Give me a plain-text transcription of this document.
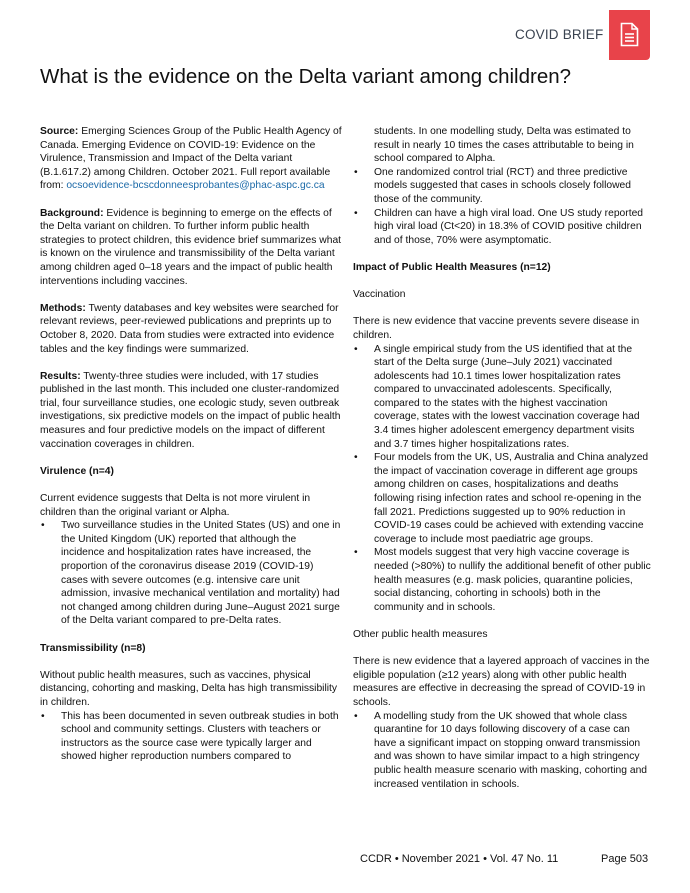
COVID BRIEF
What is the evidence on the Delta variant among children?

Source: Emerging Sciences Group of the Public Health Agency of Canada. Emerging Evidence on COVID-19: Evidence on the Virulence, Transmission and Impact of the Delta variant (B.1.617.2) among Children. October 2021. Full report available from: ocsoevidence-bcscdonneesprobantes@phac-aspc.gc.ca

Background: Evidence is beginning to emerge on the effects of the Delta variant on children. To further inform public health strategies to protect children, this evidence brief summarizes what is known on the virulence and transmissibility of the Delta variant among children aged 0–18 years and the impact of public health interventions including vaccines.

Methods: Twenty databases and key websites were searched for relevant reviews, peer-reviewed publications and preprints up to October 8, 2020. Data from studies were extracted into evidence tables and the key findings were summarized.

Results: Twenty-three studies were included, with 17 studies published in the last month. This included one cluster-randomized trial, four surveillance studies, one ecologic study, seven outbreak investigations, six predictive models on the impact of public health measures and four predictive models on the impact of different vaccination coverages in children.

Virulence (n=4)

Current evidence suggests that Delta is not more virulent in children than the original variant or Alpha.

• Two surveillance studies in the United States (US) and one in the United Kingdom (UK) reported that although the incidence and hospitalization rates have increased, the proportion of the coronavirus disease 2019 (COVID-19) cases with severe outcomes (e.g. intensive care unit admission, invasive mechanical ventilation and mortality) had not changed among children during June–August 2021 surge of the Delta variant compared to pre-Delta rates.

Transmissibility (n=8)

Without public health measures, such as vaccines, physical distancing, cohorting and masking, Delta has high transmissibility in children.

• This has been documented in seven outbreak studies in both school and community settings. Clusters with teachers or instructors as the source case were typically larger and showed higher reproduction numbers compared to

students. In one modelling study, Delta was estimated to result in nearly 10 times the cases attributable to being in school compared to Alpha.

• One randomized control trial (RCT) and three predictive models suggested that cases in schools closely followed those of the community.
• Children can have a high viral load. One US study reported high viral load (Ct<20) in 18.3% of COVID positive children and of those, 70% were asymptomatic.

Impact of Public Health Measures (n=12)

Vaccination

There is new evidence that vaccine prevents severe disease in children.

• A single empirical study from the US identified that at the start of the Delta surge (June–July 2021) vaccinated adolescents had 10.1 times lower hospitalization rates compared to unvaccinated adolescents. Specifically, compared to the states with the highest vaccination coverage, states with the lowest vaccination coverage had 3.4 times higher adolescent emergency department visits and 3.7 times higher hospitalizations rates.
• Four models from the UK, US, Australia and China analyzed the impact of vaccination coverage in different age groups among children on cases, hospitalizations and deaths following rising infection rates and school re-opening in the fall 2021. Predictions suggested up to 90% reduction in COVID-19 cases could be achieved with extending vaccine coverage to include most paediatric age groups.
• Most models suggest that very high vaccine coverage is needed (>80%) to nullify the additional benefit of other public health measures (e.g. mask policies, quarantine policies, social distancing, cohorting in schools) both in the community and in schools.

Other public health measures

There is new evidence that a layered approach of vaccines in the eligible population (≥12 years) along with other public health measures are effective in decreasing the spread of COVID-19 in schools.

• A modelling study from the UK showed that whole class quarantine for 10 days following discovery of a case can have a significant impact on stopping onward transmission and was shown to have similar impact to a high stringency public health measure scenario with masking, cohorting and increased ventilation in schools.
CCDR • November 2021 • Vol. 47 No. 11	Page 503
